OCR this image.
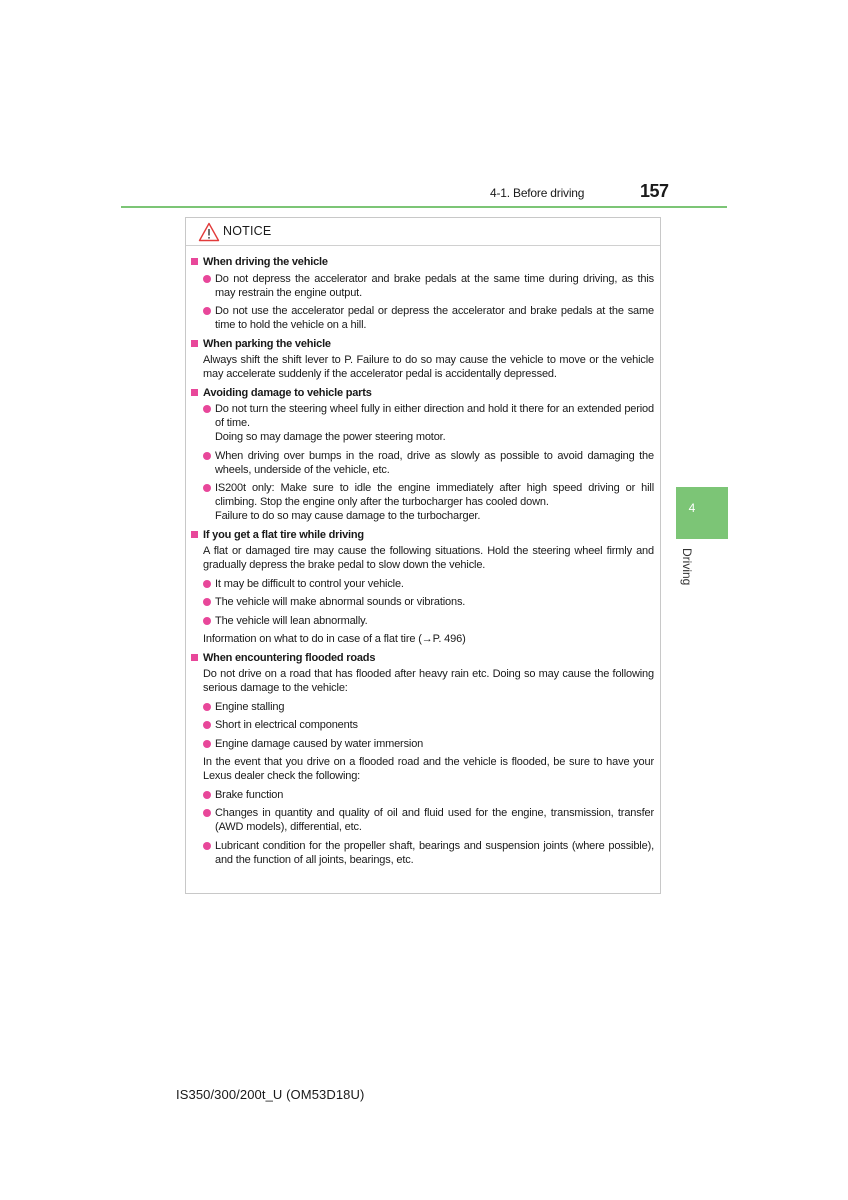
4-1. Before driving	157
4
Driving
NOTICE
When driving the vehicle
Do not depress the accelerator and brake pedals at the same time during driving, as this may restrain the engine output.
Do not use the accelerator pedal or depress the accelerator and brake pedals at the same time to hold the vehicle on a hill.
When parking the vehicle
Always shift the shift lever to P. Failure to do so may cause the vehicle to move or the vehicle may accelerate suddenly if the accelerator pedal is accidentally depressed.
Avoiding damage to vehicle parts
Do not turn the steering wheel fully in either direction and hold it there for an extended period of time.
Doing so may damage the power steering motor.
When driving over bumps in the road, drive as slowly as possible to avoid damaging the wheels, underside of the vehicle, etc.
IS200t only: Make sure to idle the engine immediately after high speed driving or hill climbing. Stop the engine only after the turbocharger has cooled down.
Failure to do so may cause damage to the turbocharger.
If you get a flat tire while driving
A flat or damaged tire may cause the following situations. Hold the steering wheel firmly and gradually depress the brake pedal to slow down the vehicle.
It may be difficult to control your vehicle.
The vehicle will make abnormal sounds or vibrations.
The vehicle will lean abnormally.
Information on what to do in case of a flat tire (→P. 496)
When encountering flooded roads
Do not drive on a road that has flooded after heavy rain etc. Doing so may cause the following serious damage to the vehicle:
Engine stalling
Short in electrical components
Engine damage caused by water immersion
In the event that you drive on a flooded road and the vehicle is flooded, be sure to have your Lexus dealer check the following:
Brake function
Changes in quantity and quality of oil and fluid used for the engine, transmission, transfer (AWD models), differential, etc.
Lubricant condition for the propeller shaft, bearings and suspension joints (where possible), and the function of all joints, bearings, etc.
IS350/300/200t_U (OM53D18U)
